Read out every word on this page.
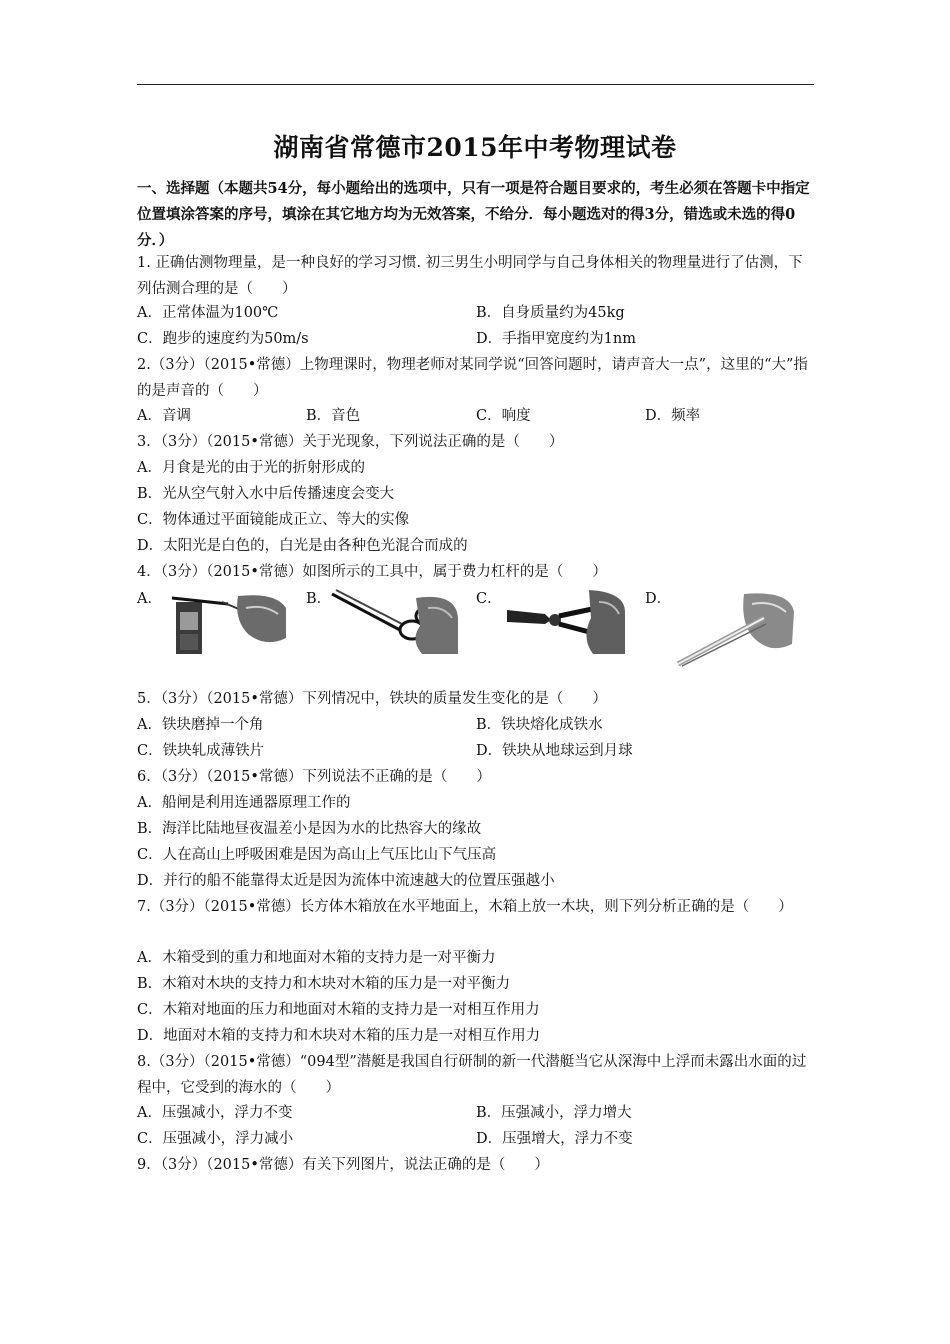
湖南省常德市2015年中考物理试卷
一、选择题（本题共54分，每小题给出的选项中，只有一项是符合题目要求的，考生必须在答题卡中指定位置填涂答案的序号，填涂在其它地方均为无效答案，不给分．每小题选对的得3分，错选或未选的得0分．）
1. 正确估测物理量，是一种良好的学习习惯. 初三男生小明同学与自己身体相关的物理量进行了估测，下列估测合理的是（　　）
A．正常体温为100℃	B．自身质量约为45kg
C．跑步的速度约为50m/s	D．手指甲宽度约为1nm
2.（3分）（2015•常德）上物理课时，物理老师对某同学说“回答问题时，请声音大一点”，这里的“大”指的是声音的（　　）
A．音调	B．音色	C．响度	D．频率
3．（3分）（2015•常德）关于光现象，下列说法正确的是（　　）
A．月食是光的由于光的折射形成的
B．光从空气射入水中后传播速度会变大
C．物体通过平面镜能成正立、等大的实像
D．太阳光是白色的，白光是由各种色光混合而成的
4．（3分）（2015•常德）如图所示的工具中，属于费力杠杆的是（　　）
A．	B．	C．	D．
5．（3分）（2015•常德）下列情况中，铁块的质量发生变化的是（　　）
A．铁块磨掉一个角	B．铁块熔化成铁水
C．铁块轧成薄铁片	D．铁块从地球运到月球
6．（3分）（2015•常德）下列说法不正确的是（　　）
A．船闸是利用连通器原理工作的
B．海洋比陆地昼夜温差小是因为水的比热容大的缘故
C．人在高山上呼吸困难是因为高山上气压比山下气压高
D．并行的船不能靠得太近是因为流体中流速越大的位置压强越小
7.（3分）（2015•常德）长方体木箱放在水平地面上，木箱上放一木块，则下列分析正确的是（　　）
A．木箱受到的重力和地面对木箱的支持力是一对平衡力
B．木箱对木块的支持力和木块对木箱的压力是一对平衡力
C．木箱对地面的压力和地面对木箱的支持力是一对相互作用力
D．地面对木箱的支持力和木块对木箱的压力是一对相互作用力
8.（3分）（2015•常德）“094型”潜艇是我国自行研制的新一代潜艇当它从深海中上浮而未露出水面的过程中，它受到的海水的（　　）
A．压强减小，浮力不变	B．压强减小，浮力增大
C．压强减小，浮力减小	D．压强增大，浮力不变
9．（3分）（2015•常德）有关下列图片，说法正确的是（　　）
